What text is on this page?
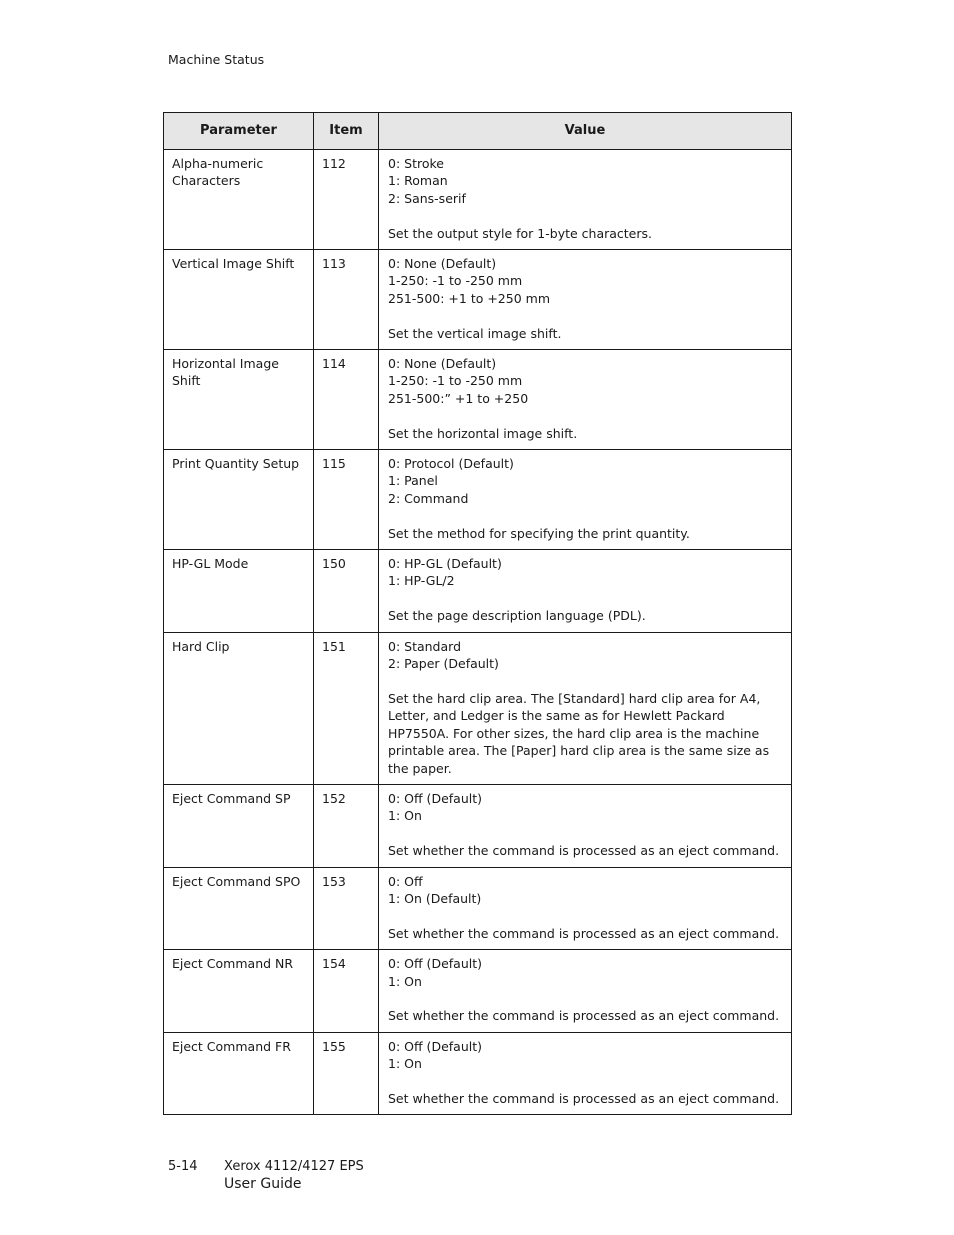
Machine Status
Parameter	Item	Value
Alpha-numeric Characters	112	0: Stroke
1: Roman
2: Sans-serif
Set the output style for 1-byte characters.

Vertical Image Shift	113	0: None (Default)
1-250: -1 to -250 mm
251-500: +1 to +250 mm
Set the vertical image shift.

Horizontal Image Shift	114	0: None (Default)
1-250: -1 to -250 mm
251-500:” +1 to +250
Set the horizontal image shift.

Print Quantity Setup	115	0: Protocol (Default)
1: Panel
2: Command
Set the method for specifying the print quantity.

HP-GL Mode	150	0: HP-GL (Default)
1: HP-GL/2
Set the page description language (PDL).

Hard Clip	151	0: Standard
2: Paper (Default)
Set the hard clip area. The [Standard] hard clip area for A4, Letter, and Ledger is the same as for Hewlett Packard HP7550A. For other sizes, the hard clip area is the machine printable area. The [Paper] hard clip area is the same size as the paper.

Eject Command SP	152	0: Off (Default)
1: On
Set whether the command is processed as an eject command.

Eject Command SPO	153	0: Off
1: On (Default)
Set whether the command is processed as an eject command.

Eject Command NR	154	0: Off (Default)
1: On
Set whether the command is processed as an eject command.

Eject Command FR	155	0: Off (Default)
1: On
Set whether the command is processed as an eject command.
5-14 Xerox 4112/4127 EPS
User Guide
